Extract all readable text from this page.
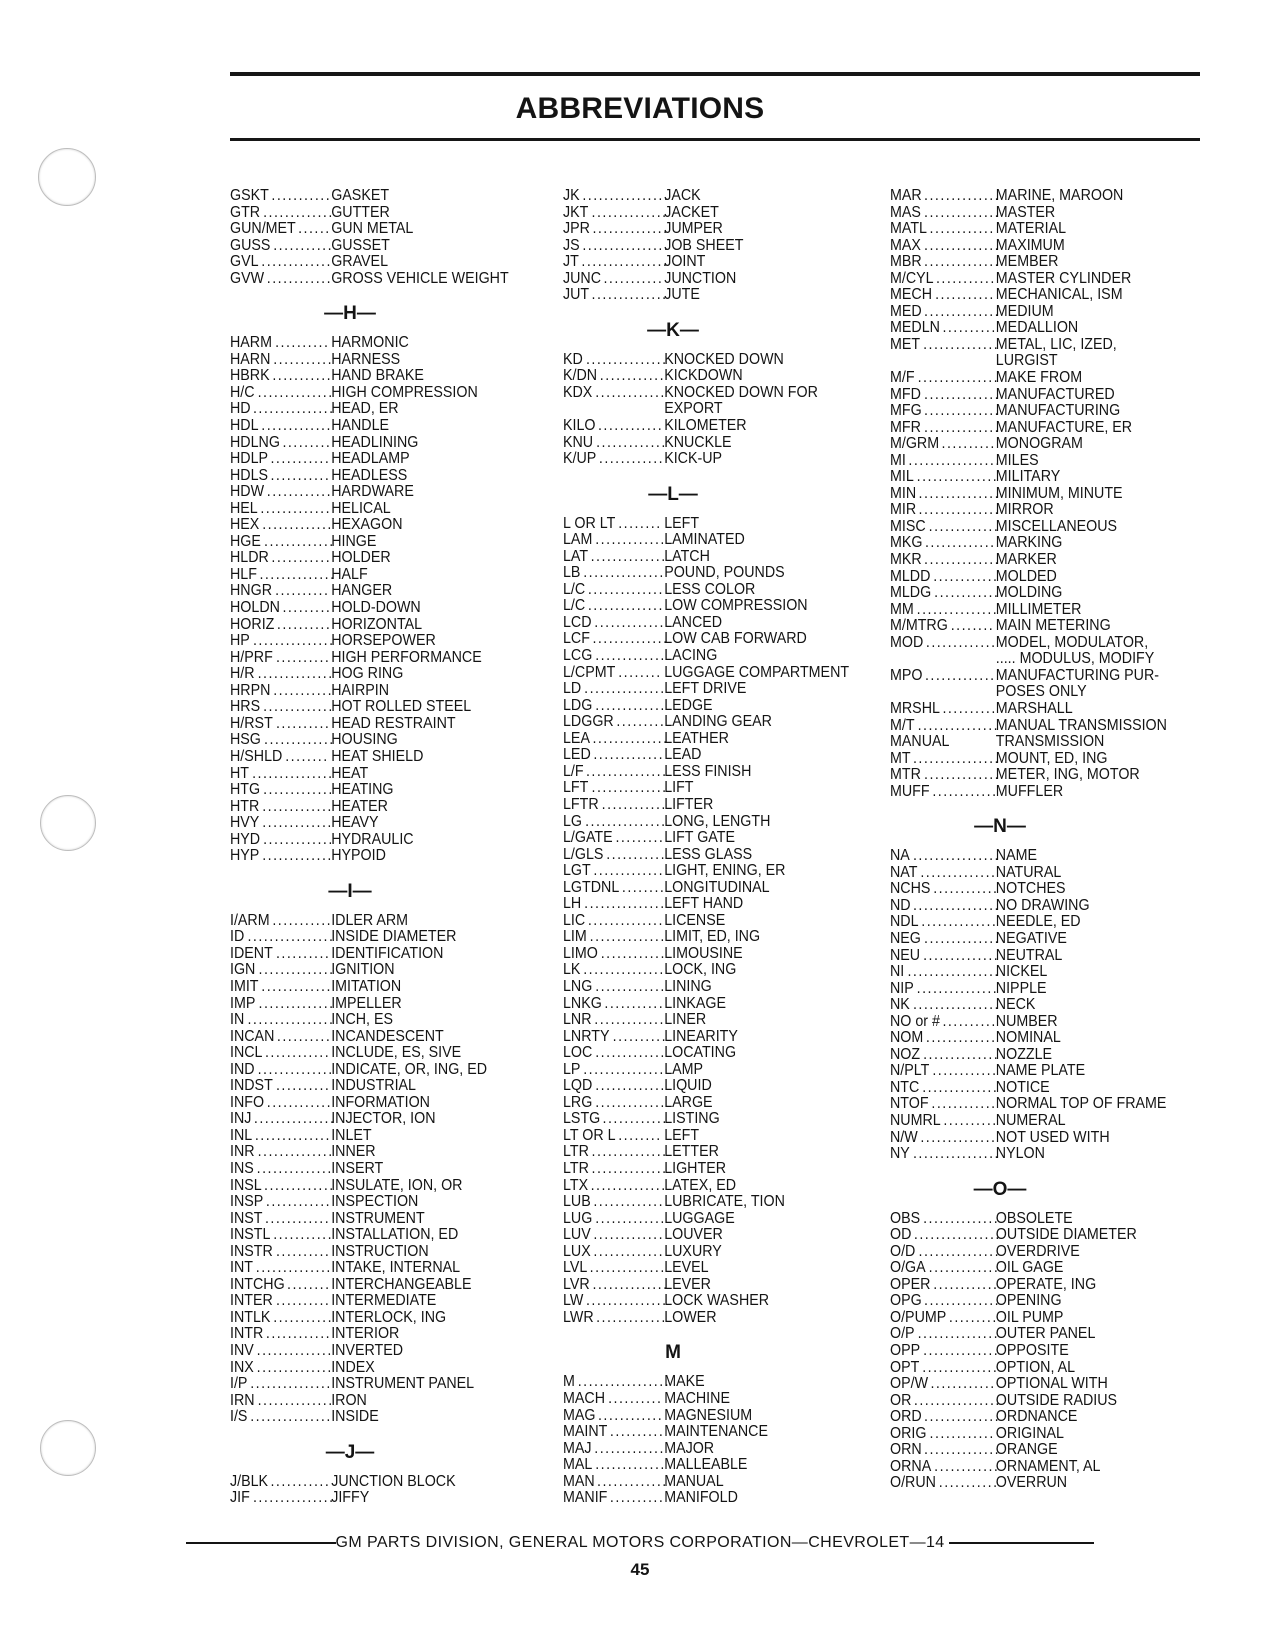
ABBREVIATIONS
GSKT ........... GASKET
GTR .............
GUTTER
GUN/MET ...... GUN METAL
GUSS ...........
GUSSET
GVL ............. GRAVEL
GVW ............ GROSS VEHICLE WEIGHT
—H—
HARM .......... HARMONIC
HARN ...........
HARNESS
HBRK ........... HAND BRAKE
H/C ..............
HIGH COMPRESSION
HD ...............
HEAD, ER
HDL ............. HANDLE
HDLNG ......... HEADLINING
HDLP ........... HEADLAMP
HDLS ........... HEADLESS
HDW ............ HARDWARE
HEL ............. HELICAL
HEX .............
HEXAGON
HGE .............
HINGE
HLDR ........... HOLDER
HLF ..............
HALF
HNGR .......... HANGER
HOLDN ......... HOLD-DOWN
HORIZ .......... HORIZONTAL
HP ...............
HORSEPOWER
H/PRF .......... HIGH PERFORMANCE
H/R ..............
HOG RING
HRPN ...........
HAIRPIN
HRS .............
HOT ROLLED STEEL
H/RST .......... HEAD RESTRAINT
HSG .............
HOUSING
H/SHLD ........ HEAT SHIELD
HT ...............
HEAT
HTG .............
HEATING
HTR .............
HEATER
HVY .............
HEAVY
HYD .............
HYDRAULIC
HYP .............
HYPOID
—I—
I/ARM ........... IDLER ARM
ID ................
INSIDE DIAMETER
IDENT .......... IDENTIFICATION
IGN ..............
IGNITION
IMIT ............. IMITATION
IMP ..............
IMPELLER
IN ................
INCH, ES
INCAN .......... INCANDESCENT
INCL ............ INCLUDE, ES, SIVE
IND ..............
INDICATE, OR, ING, ED
INDST .......... INDUSTRIAL
INFO ............ INFORMATION
INJ ...............
INJECTOR, ION
INL .............. INLET
INR ..............
INNER
INS ..............
INSERT
INSL .............
INSULATE, ION, OR
INSP ............ INSPECTION
INST ............ INSTRUMENT
INSTL ...........
INSTALLATION, ED
INSTR .......... INSTRUCTION
INT .............. INTAKE, INTERNAL
INTCHG ........ INTERCHANGEABLE
INTER .......... INTERMEDIATE
INTLK ...........
INTERLOCK, ING
INTR ............ INTERIOR
INV ..............
INVERTED
INX ..............
INDEX
I/P ............... INSTRUMENT PANEL
IRN ..............
IRON
I/S ............... INSIDE
—J—
J/BLK ........... JUNCTION BLOCK
JIF ...............
JIFFY
JK ................
JACK
JKT ..............
JACKET
JPR ..............
JUMPER
JS ................
JOB SHEET
JT ................
JOINT
JUNC ........... JUNCTION
JUT ..............
JUTE
—K—
KD ...............
KNOCKED DOWN
K/DN ............ KICKDOWN
KDX .............
KNOCKED DOWN FOR
EXPORT
KILO ............ KILOMETER
KNU .............
KNUCKLE
K/UP ............ KICK-UP
—L—
L OR LT ........ LEFT
LAM .............
LAMINATED
LAT ..............
LATCH
LB ............... POUND, POUNDS
L/C .............. LESS COLOR
L/C .............. LOW COMPRESSION
LCD ............. LANCED
LCF ..............
LOW CAB FORWARD
LCG .............
LACING
L/CPMT ........ LUGGAGE COMPARTMENT
LD ...............
LEFT DRIVE
LDG .............
LEDGE
LDGGR .........
LANDING GEAR
LEA ..............
LEATHER
LED ............. LEAD
L/F ...............
LESS FINISH
LFT ..............
LIFT
LFTR ............
LIFTER
LG ...............
LONG, LENGTH
L/GATE ......... LIFT GATE
L/GLS ...........
LESS GLASS
LGT ............. LIGHT, ENING, ER
LGTDNL ........
LONGITUDINAL
LH ...............
LEFT HAND
LIC .............. LICENSE
LIM ..............
LIMIT, ED, ING
LIMO ............
LIMOUSINE
LK ............... LOCK, ING
LNG .............
LINING
LNKG ........... LINKAGE
LNR ............. LINER
LNRTY ..........
LINEARITY
LOC .............
LOCATING
LP ............... LAMP
LQD .............
LIQUID
LRG .............
LARGE
LSTG ............
LISTING
LT OR L ........ LEFT
LTR ..............
LETTER
LTR ..............
LIGHTER
LTX ..............
LATEX, ED
LUB ............. LUBRICATE, TION
LUG .............
LUGGAGE
LUV ............. LOUVER
LUX ............. LUXURY
LVL ..............
LEVEL
LVR ..............
LEVER
LW ...............
LOCK WASHER
LWR .............
LOWER
M
M .................
MAKE
MACH .......... MACHINE
MAG ............ MAGNESIUM
MAINT .......... MAINTENANCE
MAJ ............. MAJOR
MAL .............
MALLEABLE
MAN .............
MANUAL
MANIF .......... MANIFOLD
MAR ..............
MARINE, MAROON
MAS ..............
MASTER
MATL ............ MATERIAL
MAX ..............
MAXIMUM
MBR ..............
MEMBER
M/CYL ........... MASTER CYLINDER
MECH ........... MECHANICAL, ISM
MED ..............
MEDIUM
MEDLN .......... MEDALLION
MET ..............
METAL, LIC, IZED,
LURGIST
M/F ...............
MAKE FROM
MFD ..............
MANUFACTURED
MFG ..............
MANUFACTURING
MFR ..............
MANUFACTURE, ER
M/GRM .......... MONOGRAM
MI .................
MILES
MIL ...............
MILITARY
MIN ...............
MINIMUM, MINUTE
MIR ...............
MIRROR
MISC .............
MISCELLANEOUS
MKG ............. MARKING
MKR ..............
MARKER
MLDD ............
MOLDED
MLDG ............
MOLDING
MM ...............
MILLIMETER
M/MTRG ........ MAIN METERING
MOD ............. MODEL, MODULATOR,
..... MODULUS, MODIFY
MPO ............. MANUFACTURING PUR-
POSES ONLY
MRSHL .......... MARSHALL
M/T ...............
MANUAL TRANSMISSION
MANUAL	TRANSMISSION
MT ................
MOUNT, ED, ING
MTR ..............
METER, ING, MOTOR
MUFF ............
MUFFLER
—N—
NA ................
NAME
NAT .............. NATURAL
NCHS ............
NOTCHES
ND ................
NO DRAWING
NDL ..............
NEEDLE, ED
NEG ..............
NEGATIVE
NEU ..............
NEUTRAL
NI .................
NICKEL
NIP ...............
NIPPLE
NK ................
NECK
NO or # .......... NUMBER
NOM ............. NOMINAL
NOZ ..............
NOZZLE
N/PLT ............
NAME PLATE
NTC ..............
NOTICE
NTOF ............ NORMAL TOP OF FRAME
NUMRL ..........
NUMERAL
N/W .............. NOT USED WITH
NY ................
NYLON
—O—
OBS ..............
OBSOLETE
OD ................
OUTSIDE DIAMETER
O/D ...............
OVERDRIVE
O/GA .............
OIL GAGE
OPER ............
OPERATE, ING
OPG ..............
OPENING
O/PUMP .........
OIL PUMP
O/P ...............
OUTER PANEL
OPP ..............
OPPOSITE
OPT ..............
OPTION, AL
OP/W ............ OPTIONAL WITH
OR ................
OUTSIDE RADIUS
ORD ..............
ORDNANCE
ORIG ............ ORIGINAL
ORN ..............
ORANGE
ORNA ............
ORNAMENT, AL
O/RUN ...........
OVERRUN
GM PARTS DIVISION, GENERAL MOTORS CORPORATION—CHEVROLET—14
45
